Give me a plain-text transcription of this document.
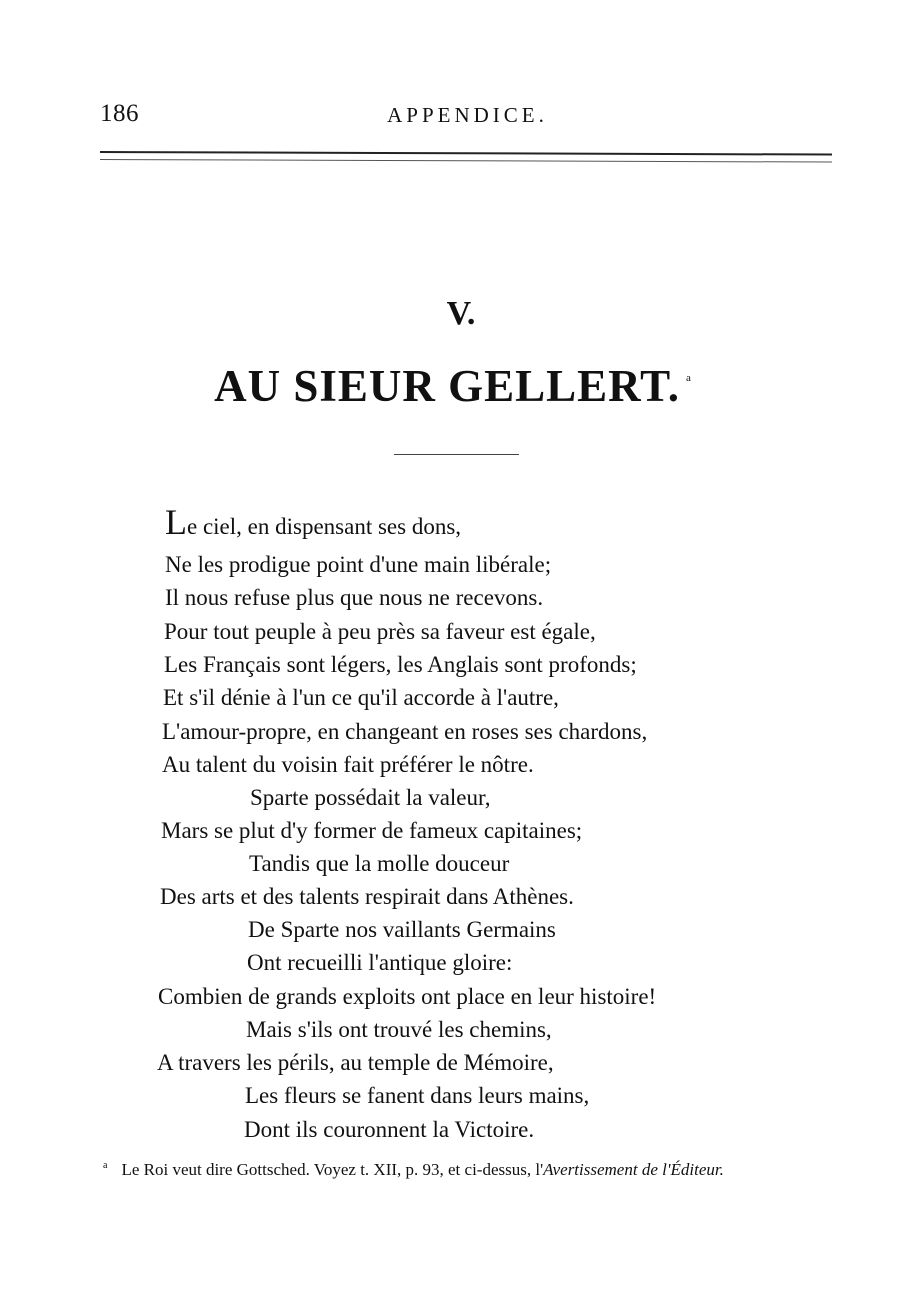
186	APPENDICE.
V.
AU SIEUR GELLERT. $^a$
Le ciel, en dispensant ses dons,
Ne les prodigue point d'une main libérale;
Il nous refuse plus que nous ne recevons.
Pour tout peuple à peu près sa faveur est égale,
Les Français sont légers, les Anglais sont profonds;
Et s'il dénie à l'un ce qu'il accorde à l'autre,
L'amour-propre, en changeant en roses ses chardons,
Au talent du voisin fait préférer le nôtre.
Sparte possédait la valeur,
Mars se plut d'y former de fameux capitaines;
Tandis que la molle douceur
Des arts et des talents respirait dans Athènes.
De Sparte nos vaillants Germains
Ont recueilli l'antique gloire:
Combien de grands exploits ont place en leur histoire!
Mais s'ils ont trouvé les chemins,
A travers les périls, au temple de Mémoire,
Les fleurs se fanent dans leurs mains,
Dont ils couronnent la Victoire.
$^a$ Le Roi veut dire Gottsched. Voyez t. XII, p. 93, et ci-dessus, l'Avertissement de l'Éditeur.
